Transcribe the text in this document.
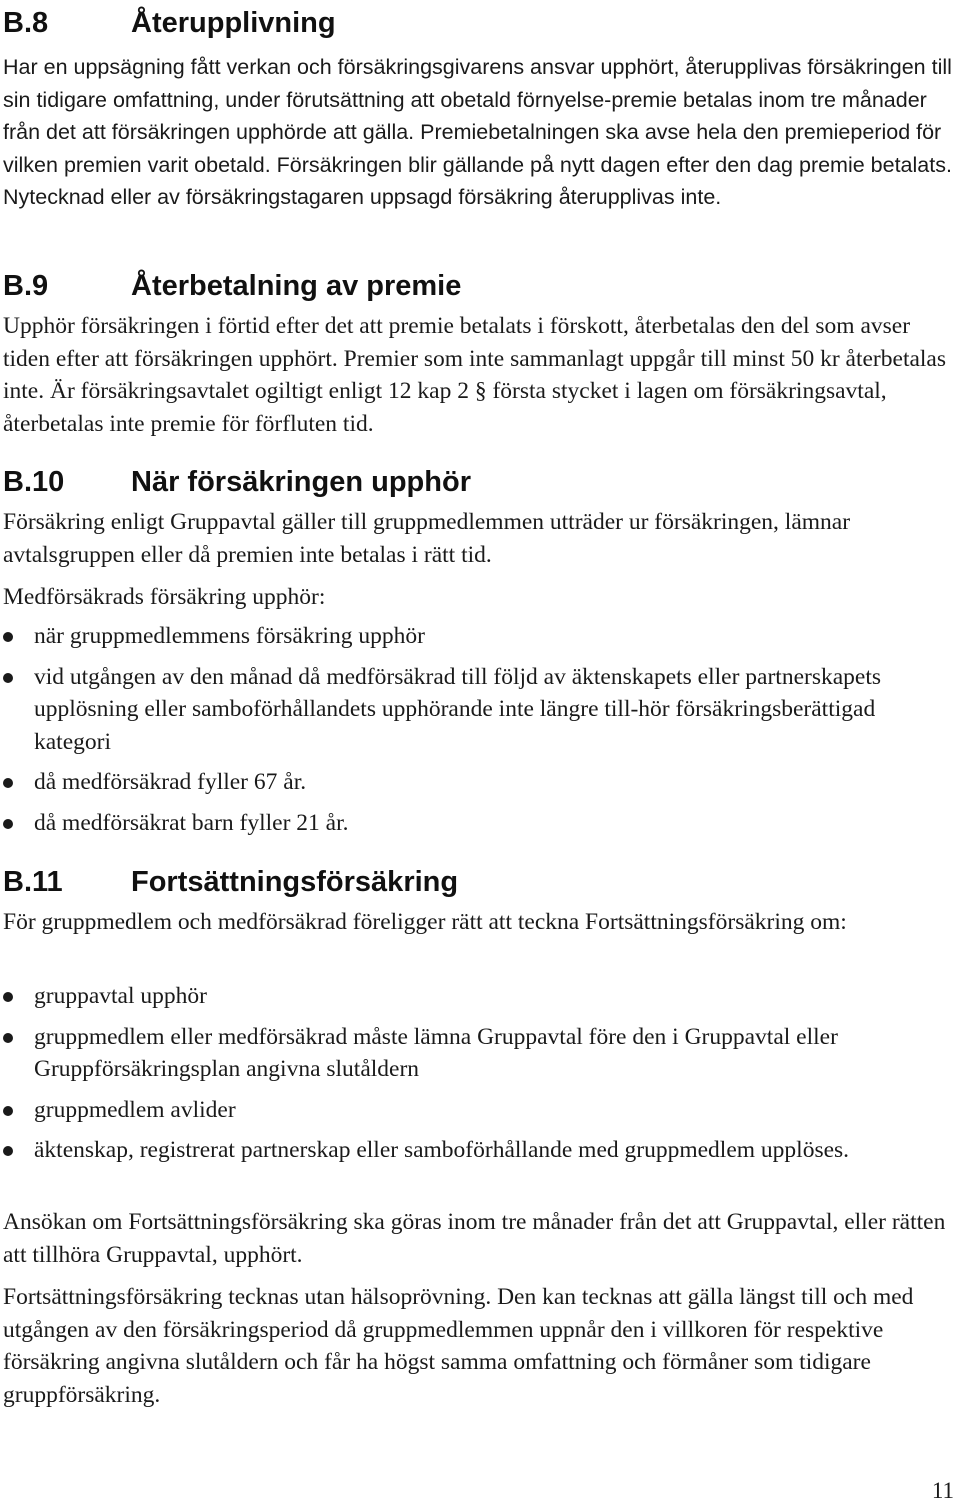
B.8	Återupplivning

Har en uppsägning fått verkan och försäkringsgivarens ansvar upphört, återupplivas försäkringen till sin tidigare omfattning, under förutsättning att obetald förnyelse-premie betalas inom tre månader från det att försäkringen upphörde att gälla. Premiebetalningen ska avse hela den premieperiod för vilken premien varit obetald. Försäkringen blir gällande på nytt dagen efter den dag premie betalats. Nytecknad eller av försäkringstagaren uppsagd försäkring återupplivas inte.

B.9	Återbetalning av premie

Upphör försäkringen i förtid efter det att premie betalats i förskott, återbetalas den del som avser tiden efter att försäkringen upphört. Premier som inte sammanlagt uppgår till minst 50 kr återbetalas inte. Är försäkringsavtalet ogiltigt enligt 12 kap 2 § första stycket i lagen om försäkringsavtal, återbetalas inte premie för förfluten tid.

B.10 När försäkringen upphör

Försäkring enligt Gruppavtal gäller till gruppmedlemmen utträder ur försäkringen, lämnar avtalsgruppen eller då premien inte betalas i rätt tid.

Medförsäkrads försäkring upphör:

när gruppmedlemmens försäkring upphör
vid utgången av den månad då medförsäkrad till följd av äktenskapets eller partnerskapets upplösning eller samboförhållandets upphörande inte längre till-hör försäkringsberättigad kategori
då medförsäkrad fyller 67 år.
då medförsäkrat barn fyller 21 år.
B.11 Fortsättningsförsäkring

För gruppmedlem och medförsäkrad föreligger rätt att teckna Fortsättningsförsäkring om:

gruppavtal upphör
gruppmedlem eller medförsäkrad måste lämna Gruppavtal före den i Gruppavtal eller Gruppförsäkringsplan angivna slutåldern
gruppmedlem avlider
äktenskap, registrerat partnerskap eller samboförhållande med gruppmedlem upplöses.

Ansökan om Fortsättningsförsäkring ska göras inom tre månader från det att Gruppavtal, eller rätten att tillhöra Gruppavtal, upphört.

Fortsättningsförsäkring tecknas utan hälsoprövning. Den kan tecknas att gälla längst till och med utgången av den försäkringsperiod då gruppmedlemmen uppnår den i villkoren för respektive försäkring angivna slutåldern och får ha högst samma omfattning och förmåner som tidigare gruppförsäkring.

11
